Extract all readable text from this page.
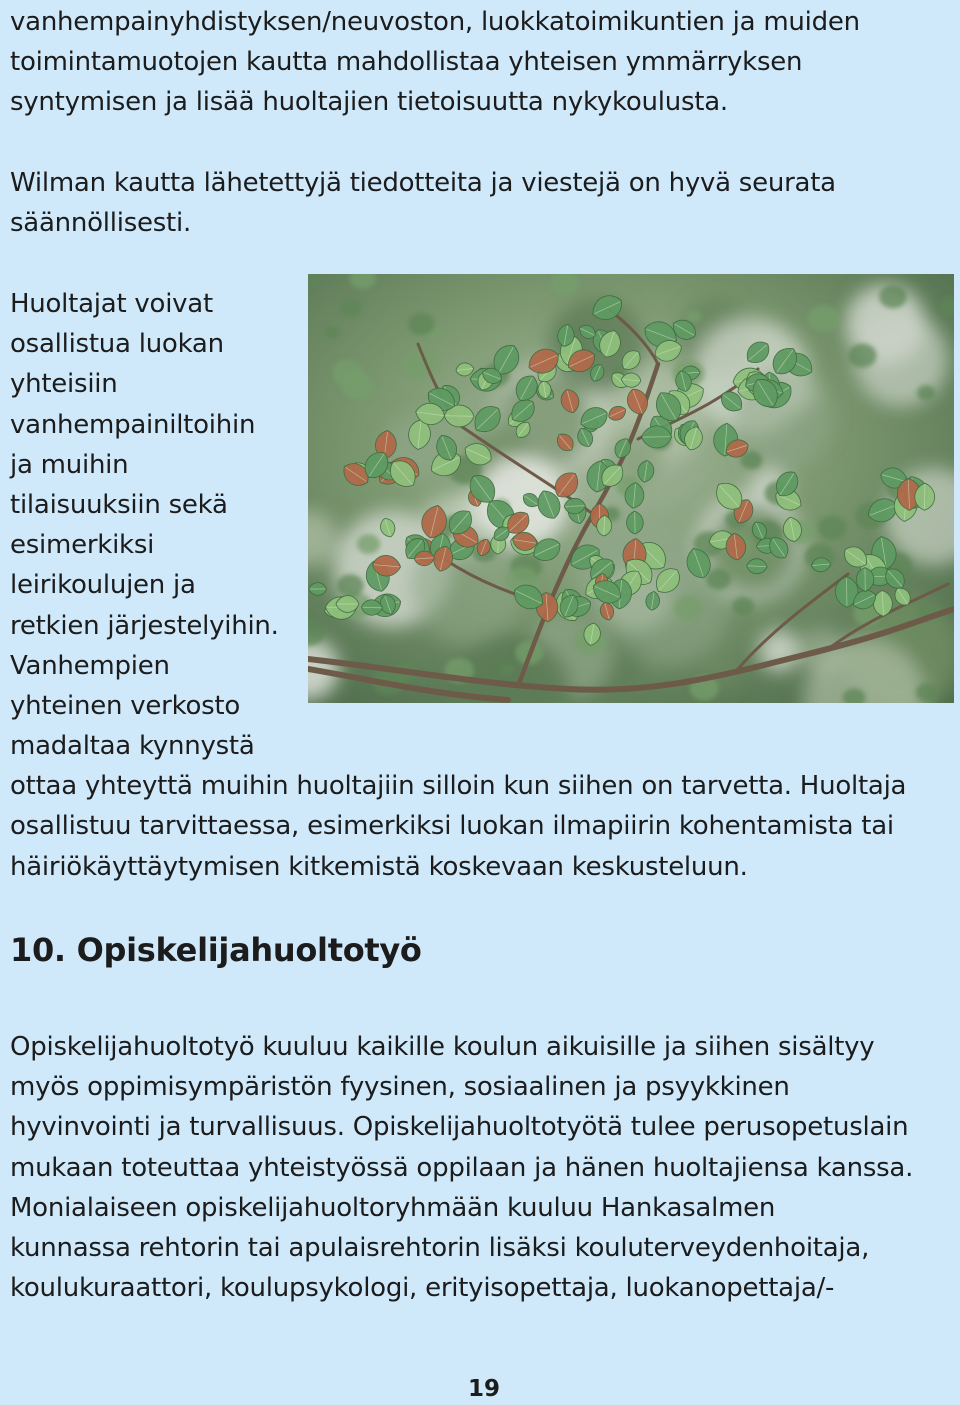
vanhempainyhdistyksen/neuvoston, luokkatoimikuntien ja muiden
toimintamuotojen kautta mahdollistaa yhteisen ymmärryksen
syntymisen ja lisää huoltajien tietoisuutta nykykoulusta.
Wilman kautta lähetettyjä tiedotteita ja viestejä on hyvä seurata
säännöllisesti.
Huoltajat voivat
osallistua luokan
yhteisiin
vanhempainiltoihin
ja muihin
tilaisuuksiin sekä
esimerkiksi
leirikoulujen ja
retkien järjestelyihin.
Vanhempien
yhteinen verkosto
madaltaa kynnystä
ottaa yhteyttä muihin huoltajiin silloin kun siihen on tarvetta. Huoltaja
osallistuu tarvittaessa, esimerkiksi luokan ilmapiirin kohentamista tai
häiriökäyttäytymisen kitkemistä koskevaan keskusteluun.
10. Opiskelijahuoltotyö
Opiskelijahuoltotyö kuuluu kaikille koulun aikuisille ja siihen sisältyy
myös oppimisympäristön fyysinen, sosiaalinen ja psyykkinen
hyvinvointi ja turvallisuus. Opiskelijahuoltotyötä tulee perusopetuslain
mukaan toteuttaa yhteistyössä oppilaan ja hänen huoltajiensa kanssa.
Monialaiseen opiskelijahuoltoryhmään kuuluu Hankasalmen
kunnassa rehtorin tai apulaisrehtorin lisäksi kouluterveydenhoitaja,
koulukuraattori, koulupsykologi, erityisopettaja, luokanopettaja/-
19
